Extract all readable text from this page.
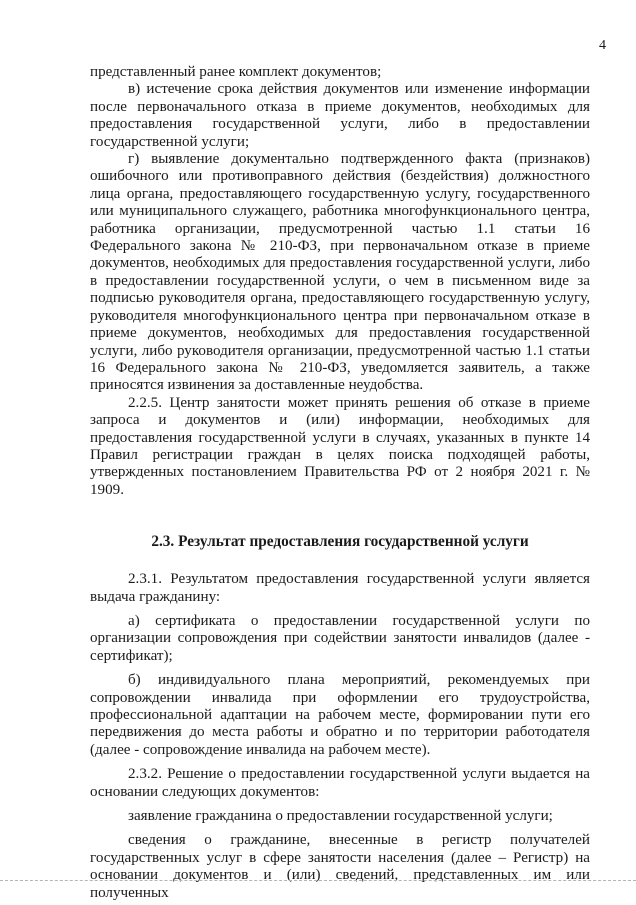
4

представленный ранее комплект документов;

в) истечение срока действия документов или изменение информации после первоначального отказа в приеме документов, необходимых для предоставления государственной услуги, либо в предоставлении государственной услуги;

г) выявление документально подтвержденного факта (признаков) ошибочного или противоправного действия (бездействия) должностного лица органа, предоставляющего государственную услугу, государственного или муниципального служащего, работника многофункционального центра, работника организации, предусмотренной частью 1.1 статьи 16 Федерального закона № 210-ФЗ, при первоначальном отказе в приеме документов, необходимых для предоставления государственной услуги, либо в предоставлении государственной услуги, о чем в письменном виде за подписью руководителя органа, предоставляющего государственную услугу, руководителя многофункционального центра при первоначальном отказе в приеме документов, необходимых для предоставления государственной услуги, либо руководителя организации, предусмотренной частью 1.1 статьи 16 Федерального закона № 210-ФЗ, уведомляется заявитель, а также приносятся извинения за доставленные неудобства.

2.2.5. Центр занятости может принять решения об отказе в приеме запроса и документов и (или) информации, необходимых для предоставления государственной услуги в случаях, указанных в пункте 14 Правил регистрации граждан в целях поиска подходящей работы, утвержденных постановлением Правительства РФ от 2 ноября 2021 г. № 1909.

2.3. Результат предоставления государственной услуги

2.3.1. Результатом предоставления государственной услуги является выдача гражданину:

а) сертификата о предоставлении государственной услуги по организации сопровождения при содействии занятости инвалидов (далее - сертификат);

б) индивидуального плана мероприятий, рекомендуемых при сопровождении инвалида при оформлении его трудоустройства, профессиональной адаптации на рабочем месте, формировании пути его передвижения до места работы и обратно и по территории работодателя (далее - сопровождение инвалида на рабочем месте).

2.3.2. Решение о предоставлении государственной услуги выдается на основании следующих документов:

заявление гражданина о предоставлении государственной услуги;

сведения о гражданине, внесенные в регистр получателей государственных услуг в сфере занятости населения (далее – Регистр) на основании документов и (или) сведений, представленных им или полученных
